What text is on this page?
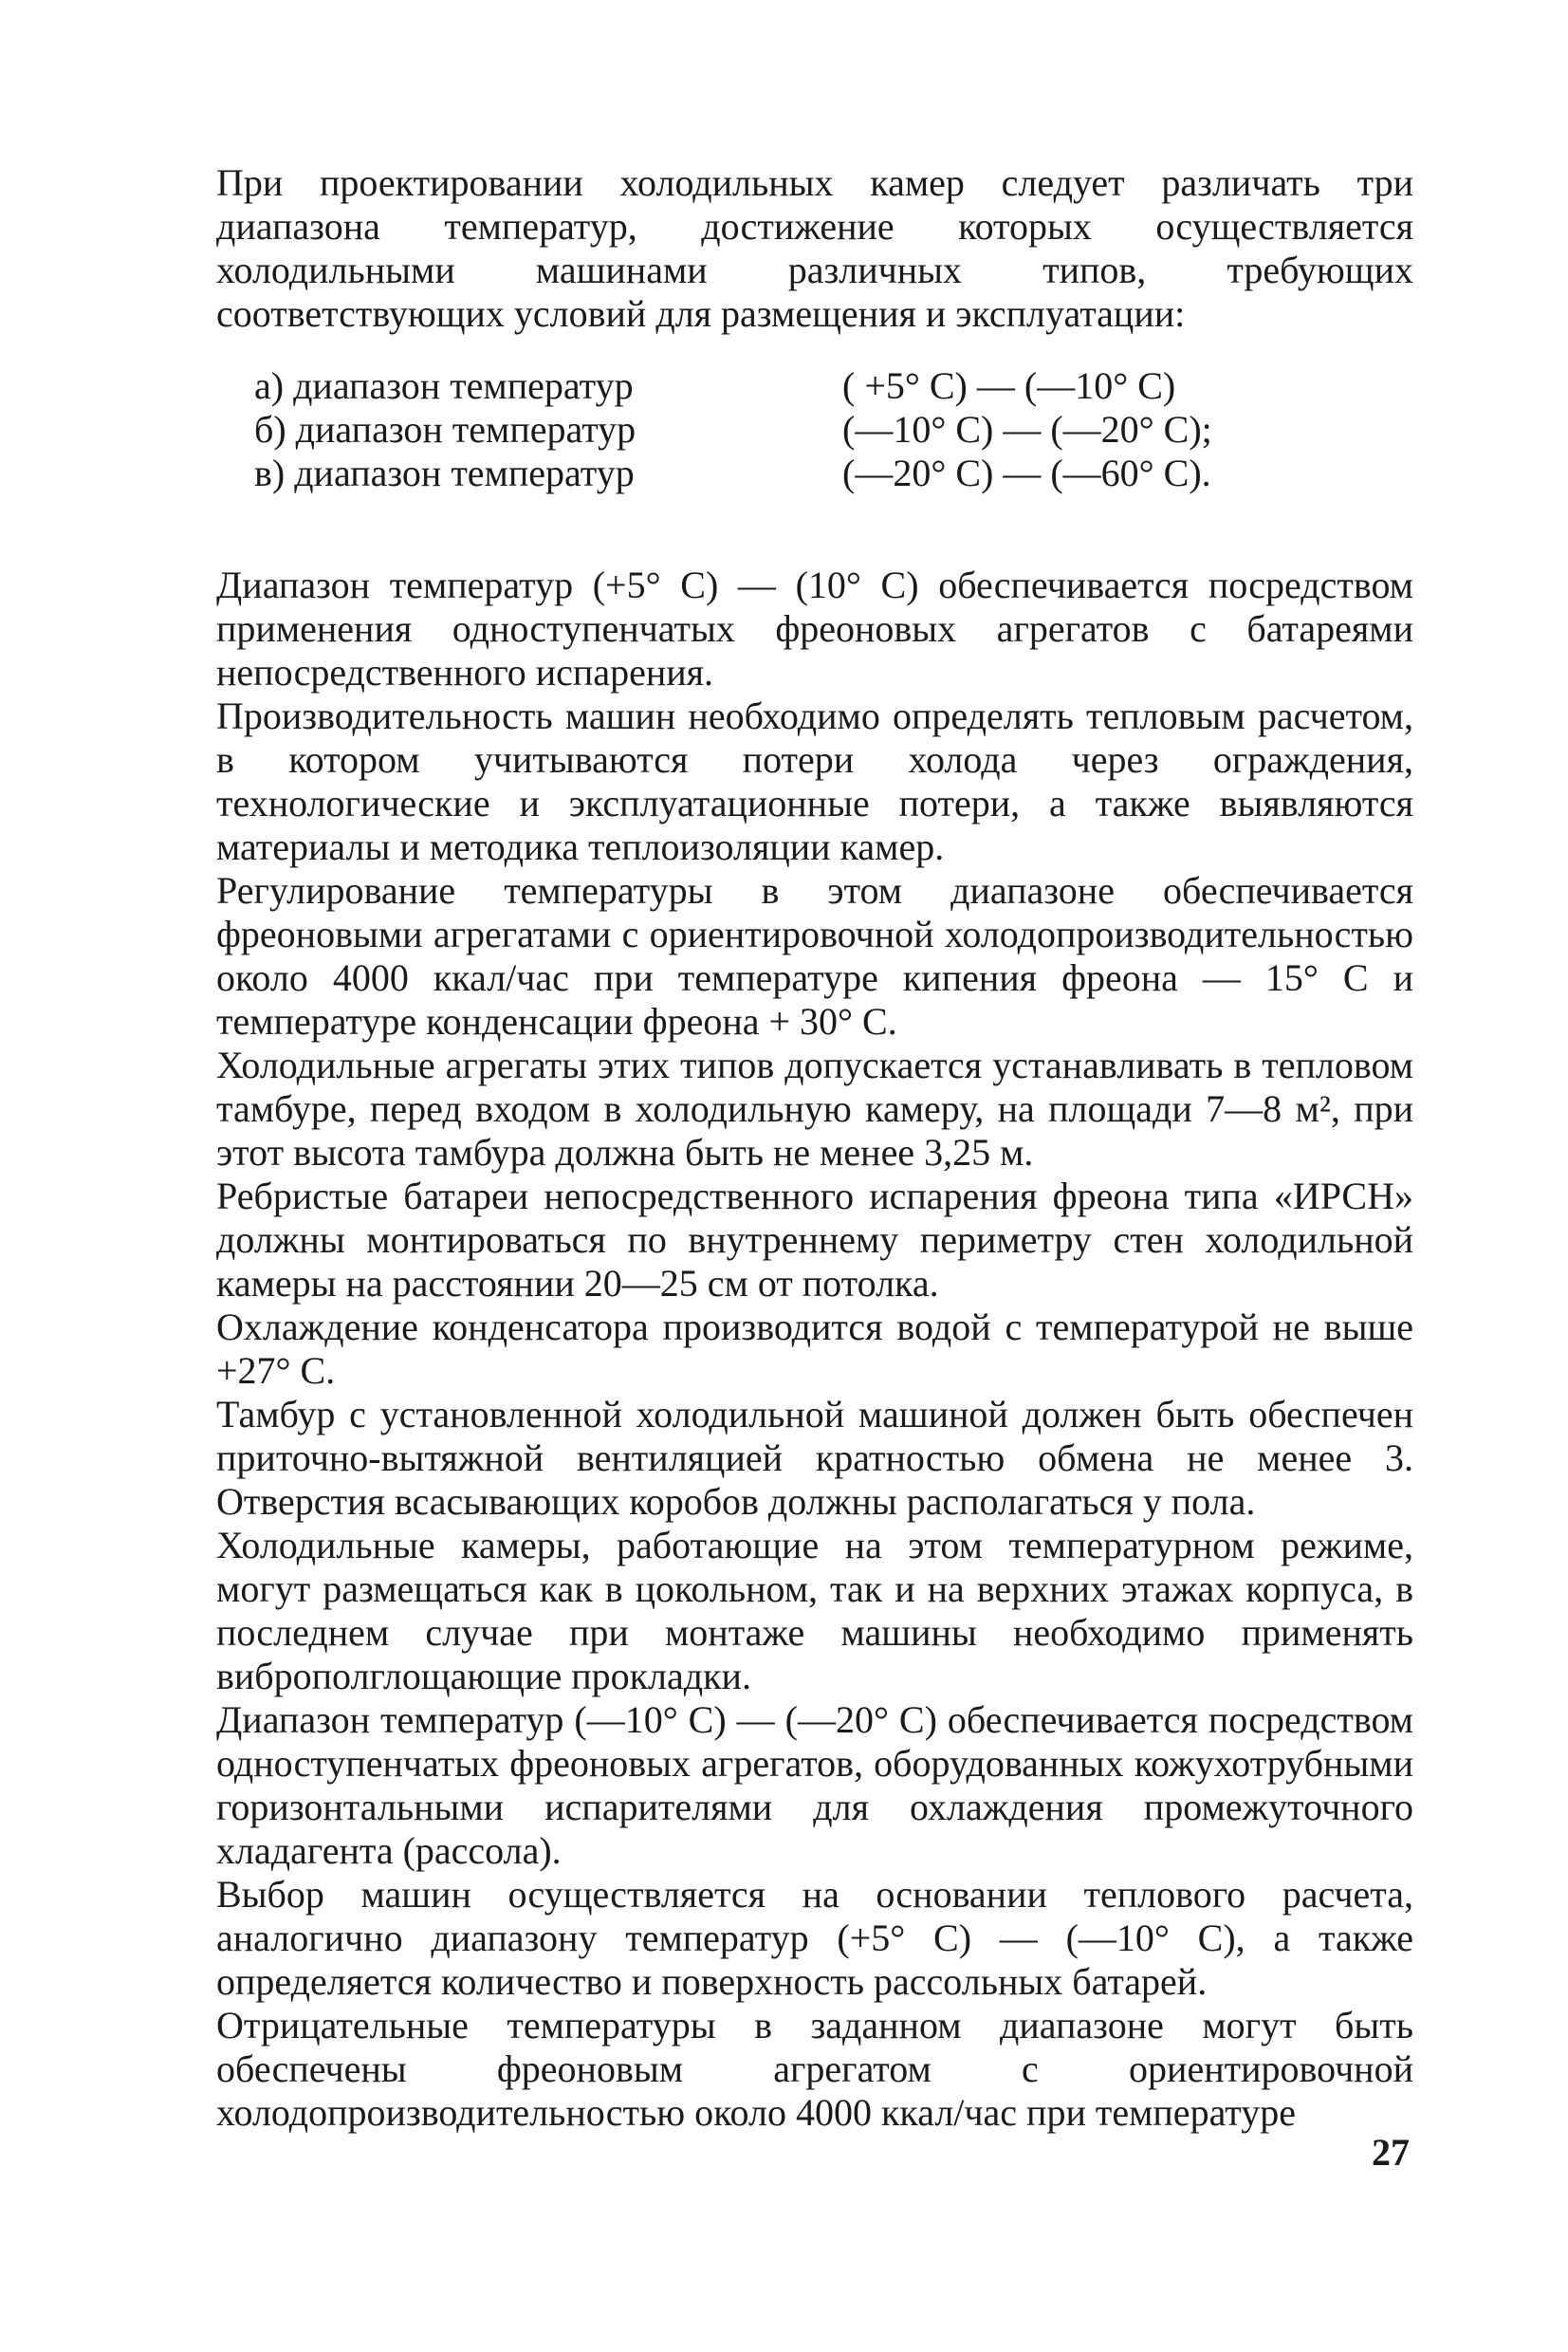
При проектировании холодильных камер следует различать три диапазона температур, достижение которых осуществляется холодильными машинами различных типов, требующих соответствующих условий для размещения и эксплуатации:

а) диапазон температур	( +5° С) — (—10° С)
б) диапазон температур	(—10° С) — (—20° С);
в) диапазон температур	(—20° С) — (—60° С).

Диапазон температур (+5° С) — (10° С) обеспечивается посредством применения одноступенчатых фреоновых агрегатов с батареями непосредственного испарения.

Производительность машин необходимо определять тепловым расчетом, в котором учитываются потери холода через ограждения, технологические и эксплуатационные потери, а также выявляются материалы и методика теплоизоляции камер.

Регулирование температуры в этом диапазоне обеспечивается фреоновыми агрегатами с ориентировочной холодопроизводительностью около 4000 ккал/час при температуре кипения фреона — 15° С и температуре конденсации фреона + 30° С.

Холодильные агрегаты этих типов допускается устанавливать в тепловом тамбуре, перед входом в холодильную камеру, на площади 7—8 м², при этот высота тамбура должна быть не менее 3,25 м.

Ребристые батареи непосредственного испарения фреона типа «ИРСН» должны монтироваться по внутреннему периметру стен холодильной камеры на расстоянии 20—25 см от потолка.

Охлаждение конденсатора производится водой с температурой не выше +27° С.

Тамбур с установленной холодильной машиной должен быть обеспечен приточно-вытяжной вентиляцией кратностью обмена не менее 3. Отверстия всасывающих коробов должны располагаться у пола.

Холодильные камеры, работающие на этом температурном режиме, могут размещаться как в цокольном, так и на верхних этажах корпуса, в последнем случае при монтаже машины необходимо применять виброполглощающие прокладки.

Диапазон температур (—10° С) — (—20° С) обеспечивается посредством одноступенчатых фреоновых агрегатов, оборудованных кожухотрубными горизонтальными испарителями для охлаждения промежуточного хладагента (рассола).

Выбор машин осуществляется на основании теплового расчета, аналогично диапазону температур (+5° С) — (—10° С), а также определяется количество и поверхность рассольных батарей.

Отрицательные температуры в заданном диапазоне могут быть обеспечены фреоновым агрегатом с ориентировочной холодопроизводительностью около 4000 ккал/час при температуре

27
